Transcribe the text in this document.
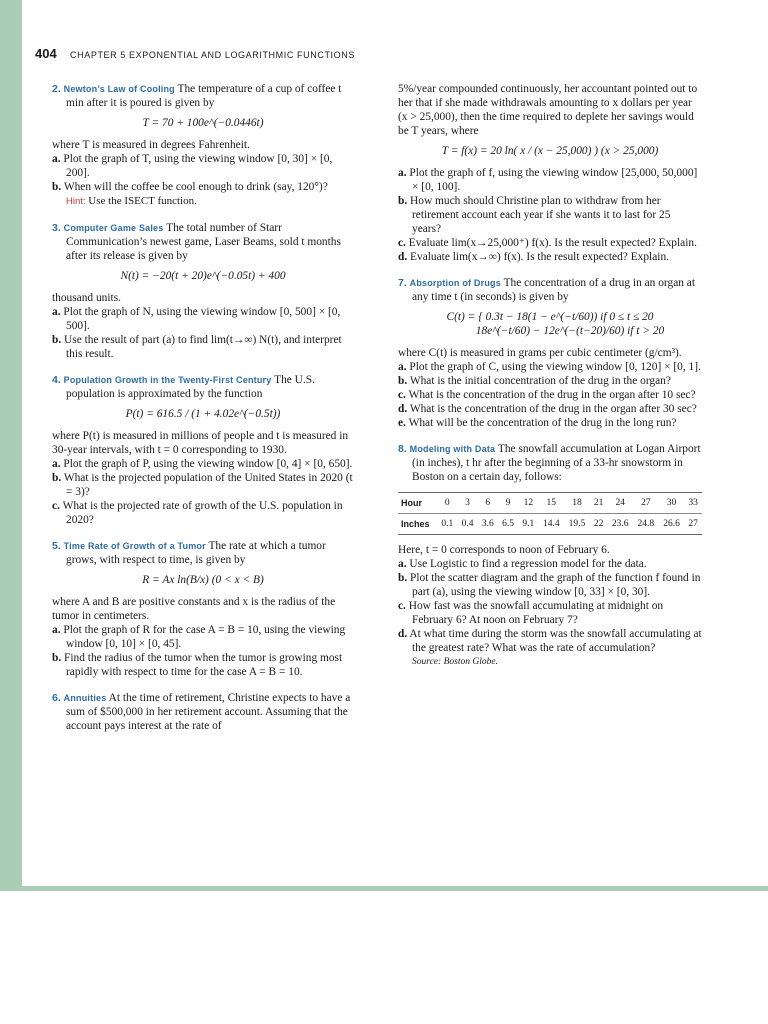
404 CHAPTER 5 EXPONENTIAL AND LOGARITHMIC FUNCTIONS

2. Newton’s Law of Cooling The temperature of a cup of coffee t min after it is poured is given by

T = 70 + 100e^(−0.0446t)

where T is measured in degrees Fahrenheit.

a. Plot the graph of T, using the viewing window [0, 30] × [0, 200].

b. When will the coffee be cool enough to drink (say, 120°)?

Hint: Use the ISECT function.

3. Computer Game Sales The total number of Starr Communication’s newest game, Laser Beams, sold t months after its release is given by

N(t) = −20(t + 20)e^(−0.05t) + 400

thousand units.

a. Plot the graph of N, using the viewing window [0, 500] × [0, 500].

b. Use the result of part (a) to find lim(t→∞) N(t), and interpret this result.

4. Population Growth in the Twenty-First Century The U.S. population is approximated by the function

P(t) = 616.5 / (1 + 4.02e^(−0.5t))

where P(t) is measured in millions of people and t is measured in 30-year intervals, with t = 0 corresponding to 1930.

a. Plot the graph of P, using the viewing window [0, 4] × [0, 650].

b. What is the projected population of the United States in 2020 (t = 3)?

c. What is the projected rate of growth of the U.S. population in 2020?

5. Time Rate of Growth of a Tumor The rate at which a tumor grows, with respect to time, is given by

R = Ax ln(B/x) (0 < x < B)

where A and B are positive constants and x is the radius of the tumor in centimeters.

a. Plot the graph of R for the case A = B = 10, using the viewing window [0, 10] × [0, 45].

b. Find the radius of the tumor when the tumor is growing most rapidly with respect to time for the case A = B = 10.

6. Annuities At the time of retirement, Christine expects to have a sum of $500,000 in her retirement account. Assuming that the account pays interest at the rate of

5%/year compounded continuously, her accountant pointed out to her that if she made withdrawals amounting to x dollars per year (x > 25,000), then the time required to deplete her savings would be T years, where

T = f(x) = 20 ln( x / (x − 25,000) ) (x > 25,000)

a. Plot the graph of f, using the viewing window [25,000, 50,000] × [0, 100].

b. How much should Christine plan to withdraw from her retirement account each year if she wants it to last for 25 years?

c. Evaluate lim(x→25,000⁺) f(x). Is the result expected? Explain.

d. Evaluate lim(x→∞) f(x). Is the result expected? Explain.

7. Absorption of Drugs The concentration of a drug in an organ at any time t (in seconds) is given by

C(t) = { 0.3t − 18(1 − e^(−t/60)) if 0 ≤ t ≤ 20
18e^(−t/60) − 12e^(−(t−20)/60) if t > 20

where C(t) is measured in grams per cubic centimeter (g/cm³).

a. Plot the graph of C, using the viewing window [0, 120] × [0, 1].

b. What is the initial concentration of the drug in the organ?

c. What is the concentration of the drug in the organ after 10 sec?

d. What is the concentration of the drug in the organ after 30 sec?

e. What will be the concentration of the drug in the long run?

8. Modeling with Data The snowfall accumulation at Logan Airport (in inches), t hr after the beginning of a 33-hr snowstorm in Boston on a certain day, follows:

Hour	0	3	6	9	12	15	18	21	24	27	30	33
Inches	0.1	0.4	3.6	6.5	9.1	14.4	19.5	22	23.6	24.8	26.6	27

Here, t = 0 corresponds to noon of February 6.

a. Use Logistic to find a regression model for the data.

b. Plot the scatter diagram and the graph of the function f found in part (a), using the viewing window [0, 33] × [0, 30].

c. How fast was the snowfall accumulating at midnight on February 6? At noon on February 7?

d. At what time during the storm was the snowfall accumulating at the greatest rate? What was the rate of accumulation?

Source: Boston Globe.
